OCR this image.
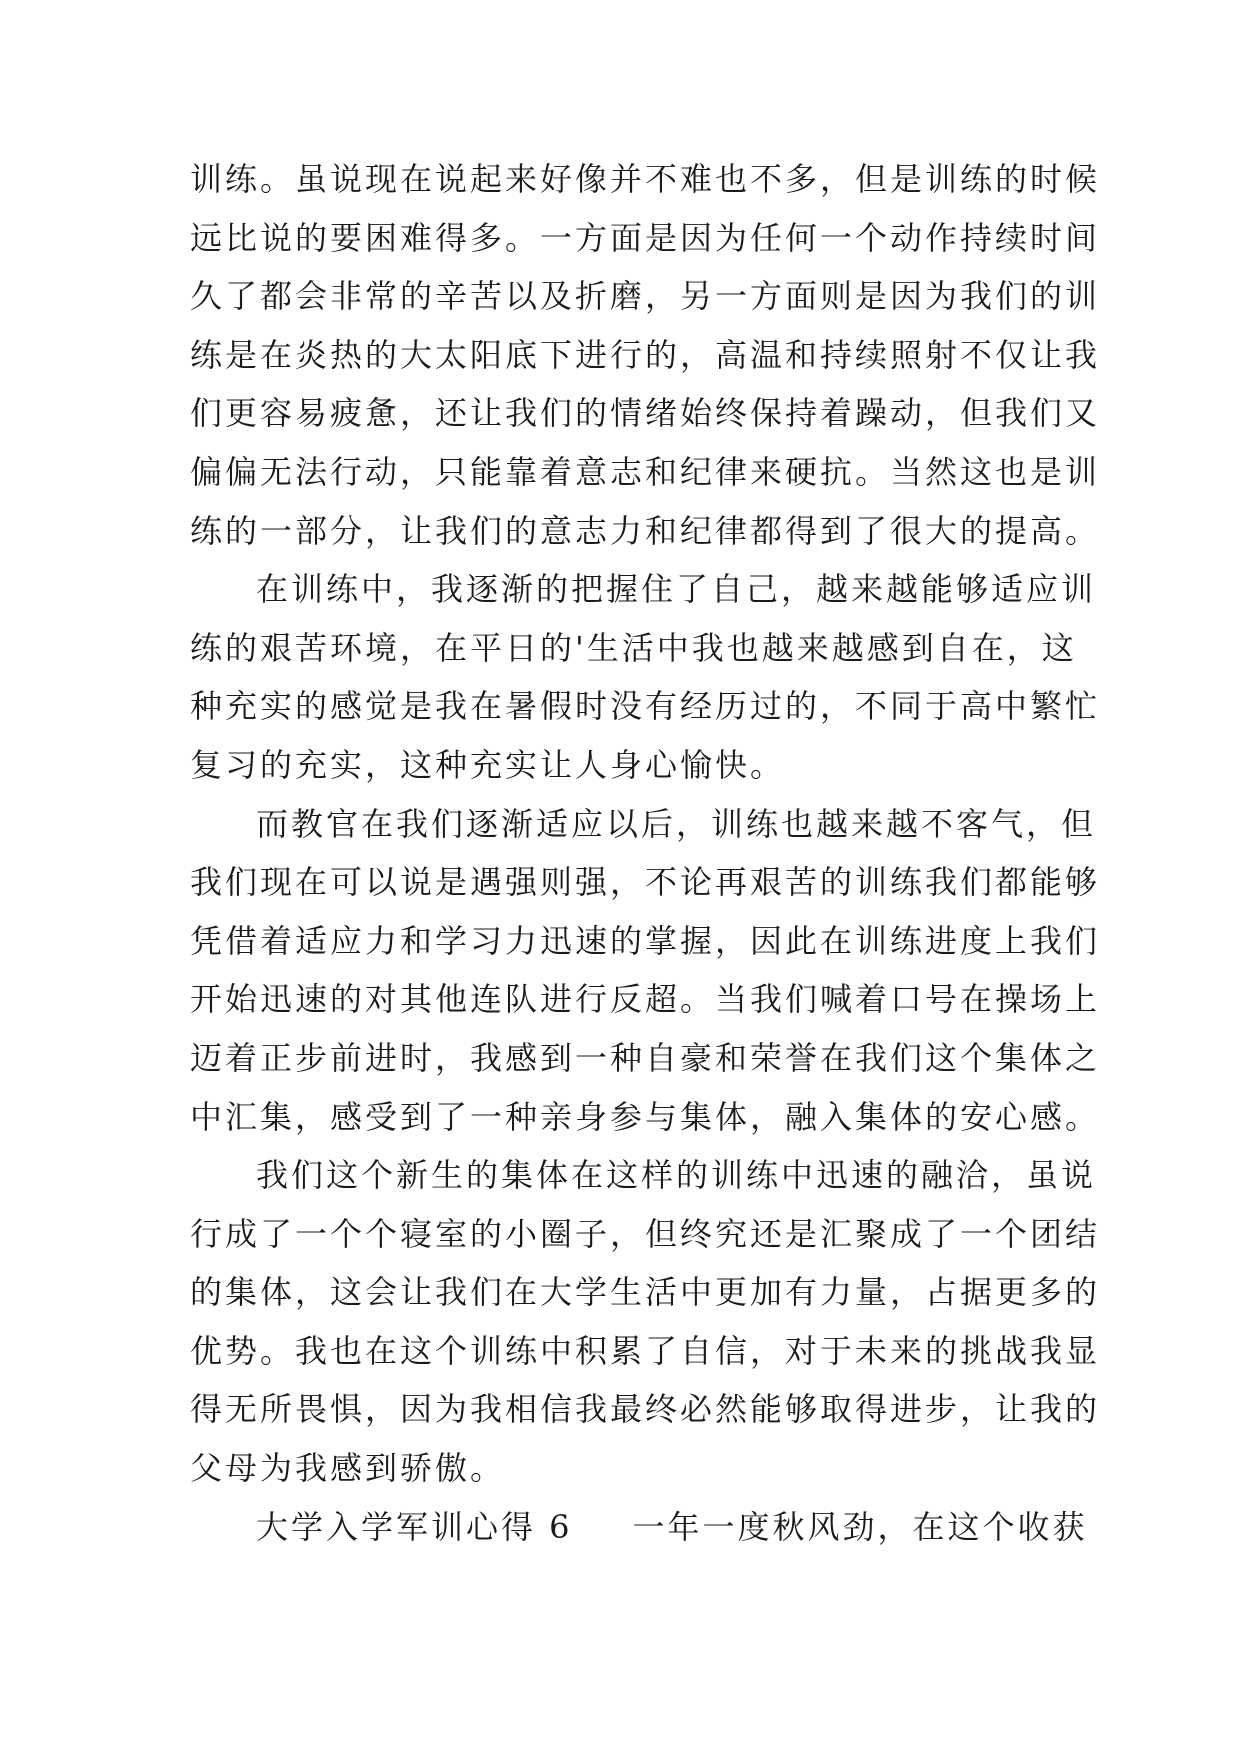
训练。虽说现在说起来好像并不难也不多，但是训练的时候
远比说的要困难得多。一方面是因为任何一个动作持续时间
久了都会非常的辛苦以及折磨，另一方面则是因为我们的训
练是在炎热的大太阳底下进行的，高温和持续照射不仅让我
们更容易疲惫，还让我们的情绪始终保持着躁动，但我们又
偏偏无法行动，只能靠着意志和纪律来硬抗。当然这也是训
练的一部分，让我们的意志力和纪律都得到了很大的提高。
在训练中，我逐渐的把握住了自己，越来越能够适应训
练的艰苦环境，在平日的'生活中我也越来越感到自在，这
种充实的感觉是我在暑假时没有经历过的，不同于高中繁忙
复习的充实，这种充实让人身心愉快。
而教官在我们逐渐适应以后，训练也越来越不客气，但
我们现在可以说是遇强则强，不论再艰苦的训练我们都能够
凭借着适应力和学习力迅速的掌握，因此在训练进度上我们
开始迅速的对其他连队进行反超。当我们喊着口号在操场上
迈着正步前进时，我感到一种自豪和荣誉在我们这个集体之
中汇集，感受到了一种亲身参与集体，融入集体的安心感。
我们这个新生的集体在这样的训练中迅速的融洽，虽说
行成了一个个寝室的小圈子，但终究还是汇聚成了一个团结
的集体，这会让我们在大学生活中更加有力量，占据更多的
优势。我也在这个训练中积累了自信，对于未来的挑战我显
得无所畏惧，因为我相信我最终必然能够取得进步，让我的
父母为我感到骄傲。
大学入学军训心得 6 一年一度秋风劲，在这个收获
